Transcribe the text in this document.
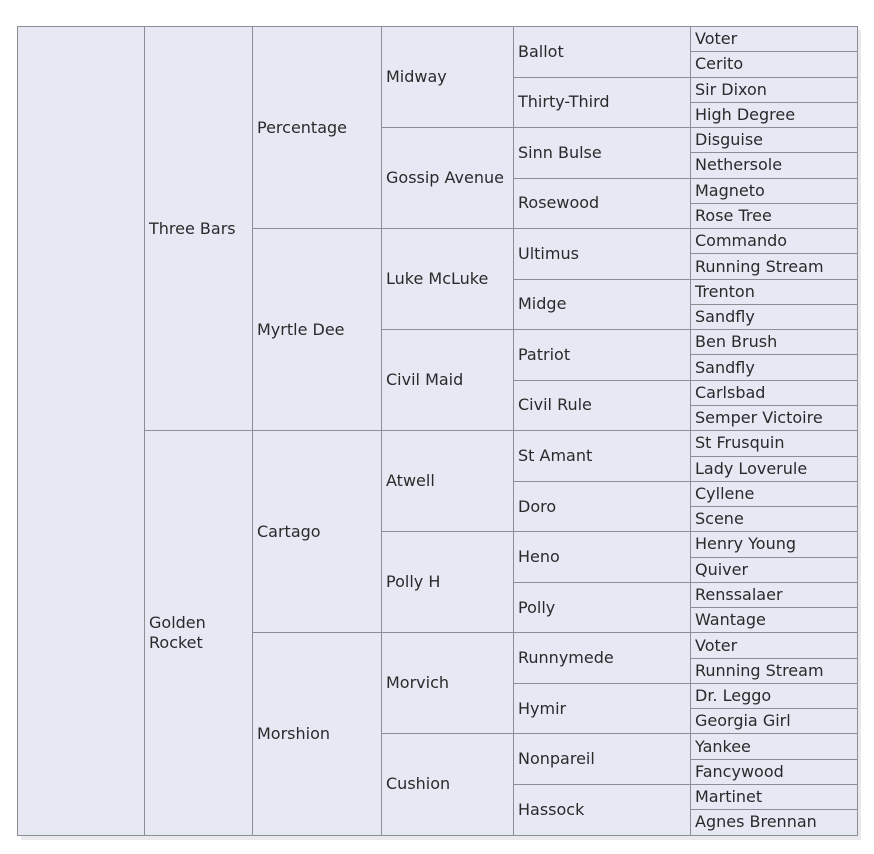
	Three Bars	Percentage	Midway	Ballot	Voter
					Cerito
				Thirty-Third	Sir Dixon
					High Degree
			Gossip Avenue	Sinn Bulse	Disguise
					Nethersole
				Rosewood	Magneto
					Rose Tree
		Myrtle Dee	Luke McLuke	Ultimus	Commando
					Running Stream
				Midge	Trenton
					Sandfly
			Civil Maid	Patriot	Ben Brush
					Sandfly
				Civil Rule	Carlsbad
					Semper Victoire
	Golden Rocket	Cartago	Atwell	St Amant	St Frusquin
					Lady Loverule
				Doro	Cyllene
					Scene
			Polly H	Heno	Henry Young
					Quiver
				Polly	Renssalaer
					Wantage
		Morshion	Morvich	Runnymede	Voter
					Running Stream
				Hymir	Dr. Leggo
					Georgia Girl
			Cushion	Nonpareil	Yankee
					Fancywood
				Hassock	Martinet
					Agnes Brennan
